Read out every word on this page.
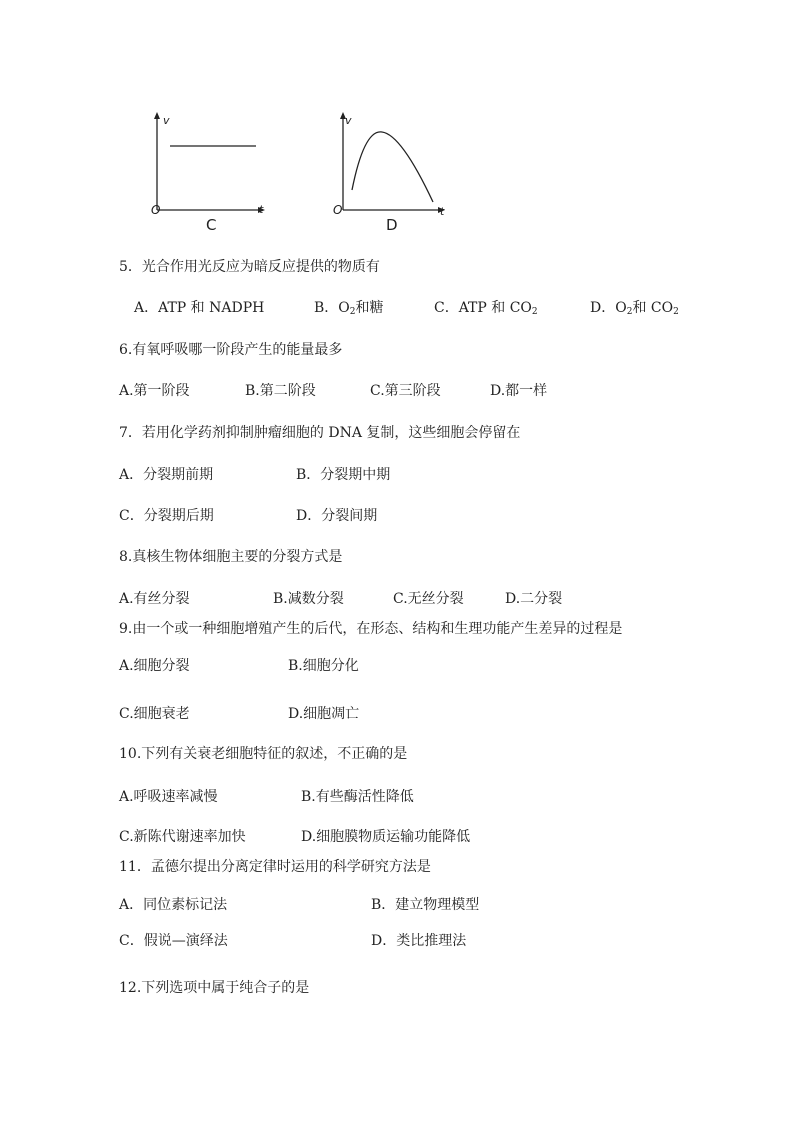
v
O	t
C
v
O	t
D
5．光合作用光反应为暗反应提供的物质有
A．ATP 和 NADPH	B．$O_2$和糖	C．ATP 和 $CO_2$	D．$O_2$和 $CO_2$
6.有氧呼吸哪一阶段产生的能量最多
A.第一阶段	B.第二阶段	C.第三阶段	D.都一样
7．若用化学药剂抑制肿瘤细胞的 DNA 复制，这些细胞会停留在
A．分裂期前期	B．分裂期中期
C．分裂期后期	D．分裂间期
8.真核生物体细胞主要的分裂方式是
A.有丝分裂	B.减数分裂	C.无丝分裂	D.二分裂
9.由一个或一种细胞增殖产生的后代，在形态、结构和生理功能产生差异的过程是
A.细胞分裂	B.细胞分化
C.细胞衰老	D.细胞凋亡
10.下列有关衰老细胞特征的叙述，不正确的是
A.呼吸速率减慢	B.有些酶活性降低
C.新陈代谢速率加快	D.细胞膜物质运输功能降低
11．孟德尔提出分离定律时运用的科学研究方法是
A．同位素标记法	B．建立物理模型
C．假说—演绎法	D．类比推理法
12.下列选项中属于纯合子的是
